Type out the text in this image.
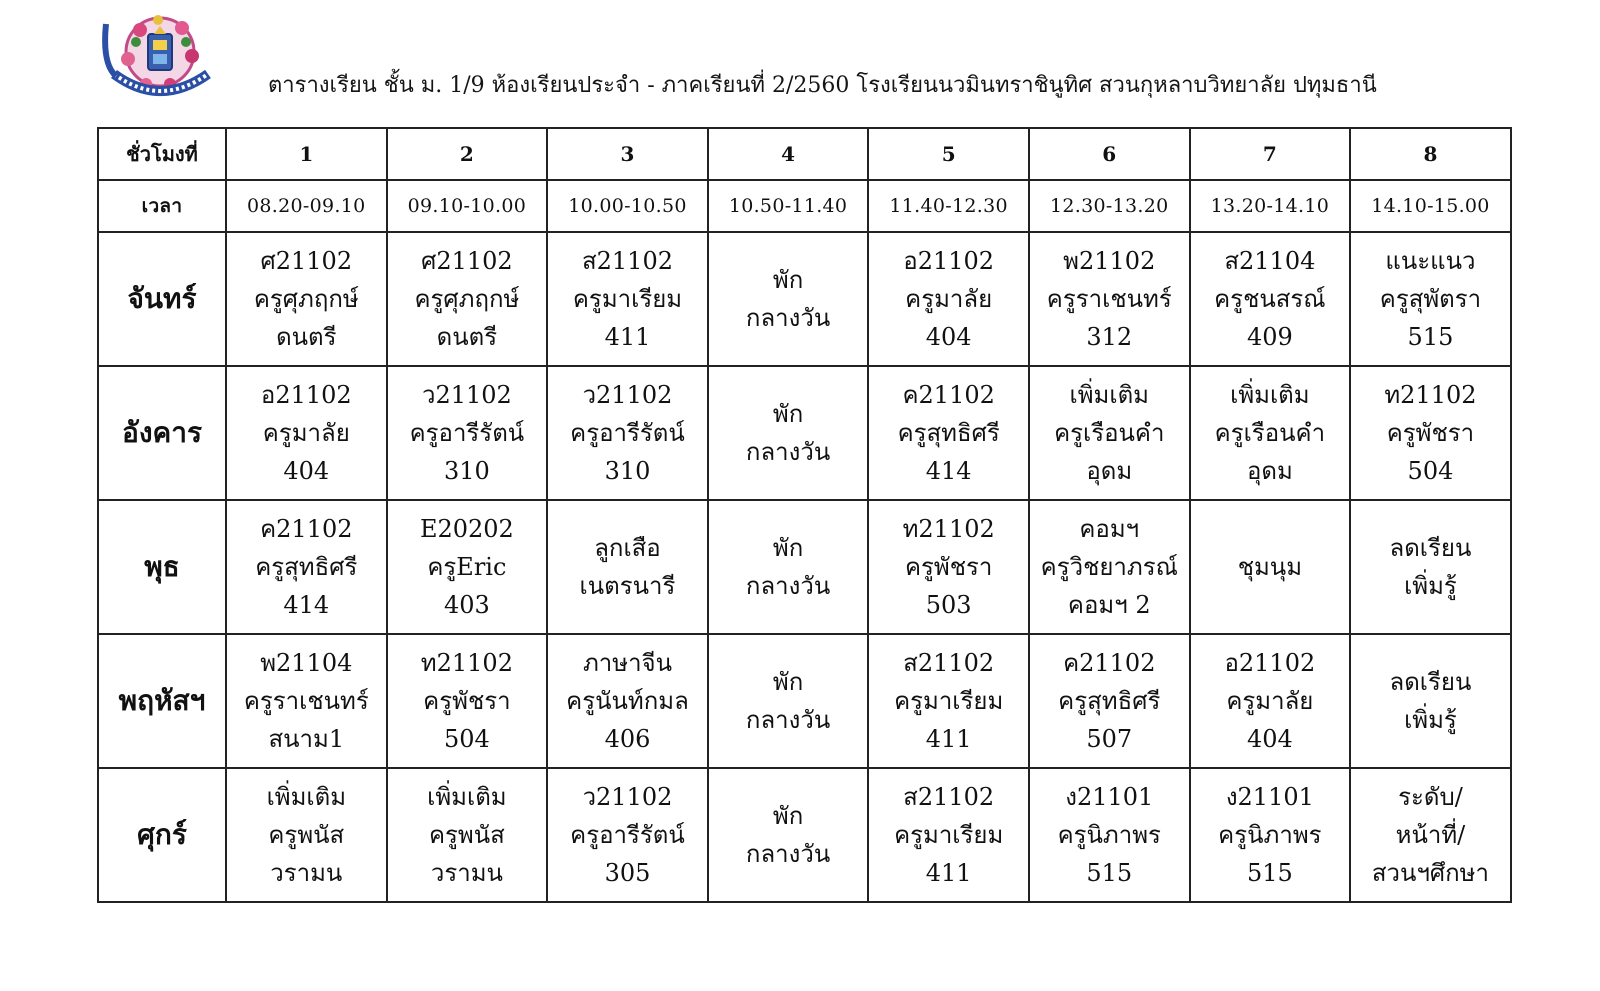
ตารางเรียน ชั้น ม. 1/9 ห้องเรียนประจำ - ภาคเรียนที่ 2/2560 โรงเรียนนวมินทราชินูทิศ สวนกุหลาบวิทยาลัย ปทุมธานี
ชั่วโมงที่	1	2	3	4	5	6	7	8
เวลา	08.20-09.10	09.10-10.00	10.00-10.50	10.50-11.40	11.40-12.30	12.30-13.20	13.20-14.10	14.10-15.00
จันทร์	ศ21102
ครูศุภฤกษ์
ดนตรี	ศ21102
ครูศุภฤกษ์
ดนตรี	ส21102
ครูมาเรียม
411	พัก
กลางวัน	อ21102
ครูมาลัย
404	พ21102
ครูราเชนทร์
312	ส21104
ครูชนสรณ์
409	แนะแนว
ครูสุพัตรา
515

อังคาร	อ21102
ครูมาลัย
404	ว21102
ครูอารีรัตน์
310	ว21102
ครูอารีรัตน์
310	พัก
กลางวัน	ค21102
ครูสุทธิศรี
414	เพิ่มเติม
ครูเรือนคำ
อุดม	เพิ่มเติม
ครูเรือนคำ
อุดม	ท21102
ครูพัชรา
504

พุธ	ค21102
ครูสุทธิศรี
414	E20202
ครูEric
403	ลูกเสือ
เนตรนารี	พัก
กลางวัน	ท21102
ครูพัชรา
503	คอมฯ
ครูวิชยาภรณ์
คอมฯ 2	ชุมนุม	ลดเรียน
เพิ่มรู้

พฤหัสฯ	พ21104
ครูราเชนทร์
สนาม1	ท21102
ครูพัชรา
504	ภาษาจีน
ครูนันท์กมล
406	พัก
กลางวัน	ส21102
ครูมาเรียม
411	ค21102
ครูสุทธิศรี
507	อ21102
ครูมาลัย
404	ลดเรียน
เพิ่มรู้

ศุกร์	เพิ่มเติม
ครูพนัส
วรามน	เพิ่มเติม
ครูพนัส
วรามน	ว21102
ครูอารีรัตน์
305	พัก
กลางวัน	ส21102
ครูมาเรียม
411	ง21101
ครูนิภาพร
515	ง21101
ครูนิภาพร
515	ระดับ/
หน้าที่/
สวนฯศึกษา
